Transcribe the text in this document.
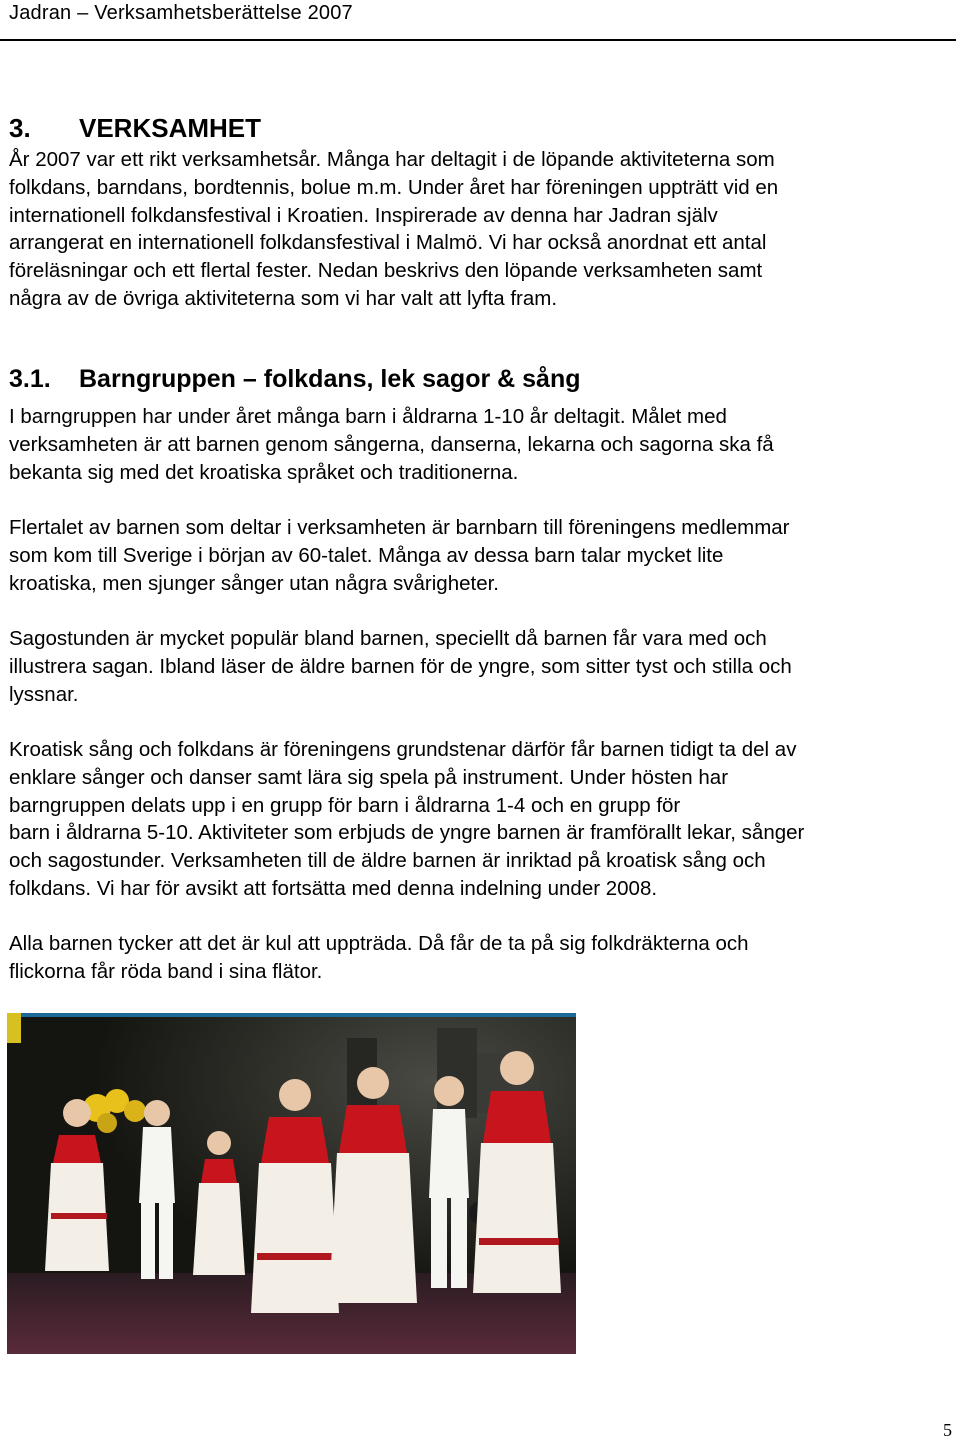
Jadran – Verksamhetsberättelse 2007
3. VERKSAMHET

År 2007 var ett rikt verksamhetsår. Många har deltagit i de löpande aktiviteterna som
folkdans, barndans, bordtennis, bolue m.m. Under året har föreningen uppträtt vid en
internationell folkdansfestival i Kroatien. Inspirerade av denna har Jadran själv
arrangerat en internationell folkdansfestival i Malmö. Vi har också anordnat ett antal
föreläsningar och ett flertal fester. Nedan beskrivs den löpande verksamheten samt
några av de övriga aktiviteterna som vi har valt att lyfta fram.

3.1. Barngruppen – folkdans, lek sagor & sång

I barngruppen har under året många barn i åldrarna 1-10 år deltagit. Målet med
verksamheten är att barnen genom sångerna, danserna, lekarna och sagorna ska få
bekanta sig med det kroatiska språket och traditionerna.

Flertalet av barnen som deltar i verksamheten är barnbarn till föreningens medlemmar
som kom till Sverige i början av 60-talet. Många av dessa barn talar mycket lite
kroatiska, men sjunger sånger utan några svårigheter.

Sagostunden är mycket populär bland barnen, speciellt då barnen får vara med och
illustrera sagan. Ibland läser de äldre barnen för de yngre, som sitter tyst och stilla och
lyssnar.

Kroatisk sång och folkdans är föreningens grundstenar därför får barnen tidigt ta del av
enklare sånger och danser samt lära sig spela på instrument. Under hösten har
barngruppen delats upp i en grupp för barn i åldrarna 1-4 och en grupp för
barn i åldrarna 5-10. Aktiviteter som erbjuds de yngre barnen är framförallt lekar, sånger
och sagostunder. Verksamheten till de äldre barnen är inriktad på kroatisk sång och
folkdans. Vi har för avsikt att fortsätta med denna indelning under 2008.

Alla barnen tycker att det är kul att uppträda. Då får de ta på sig folkdräkterna och
flickorna får röda band i sina flätor.

5
